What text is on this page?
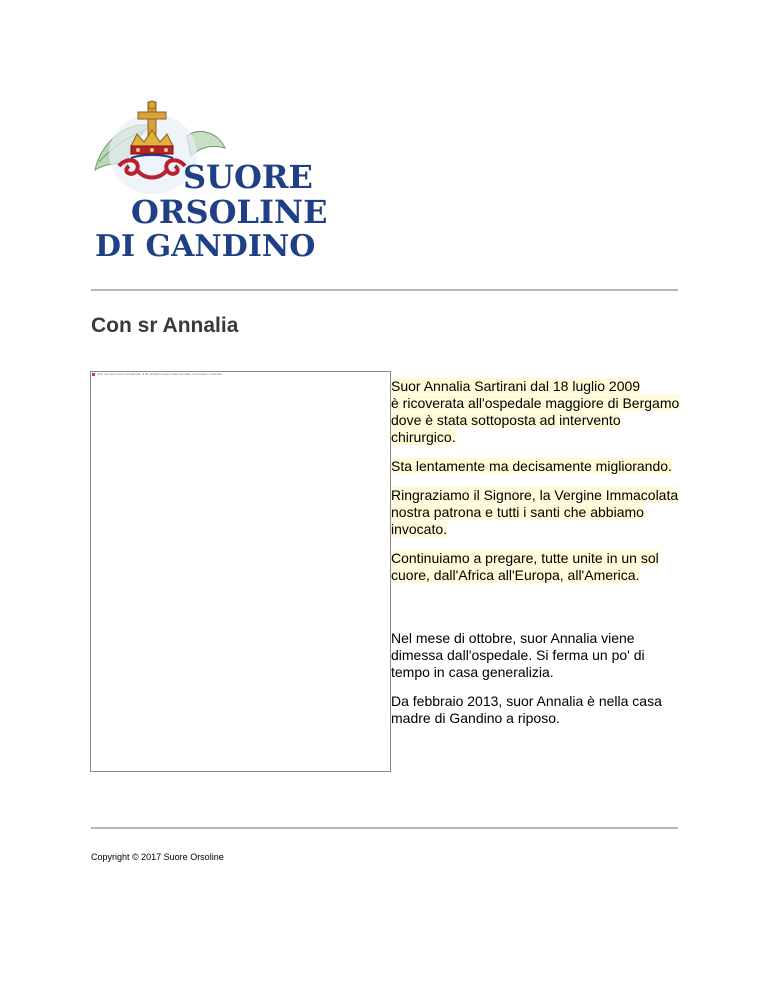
SUORE
ORSOLINE
DI GANDINO
Con sr Annalia
Il file non può essere visualizzato. Il file potrebbe essere stato spostato, rinominato o eliminato.

Suor Annalia Sartirani dal 18 luglio 2009
è ricoverata all'ospedale maggiore di Bergamo
dove è stata sottoposta ad intervento
chirurgico.

Sta lentamente ma decisamente migliorando.

Ringraziamo il Signore, la Vergine Immacolata
nostra patrona e tutti i santi che abbiamo
invocato.

Continuiamo a pregare, tutte unite in un sol
cuore, dall'Africa all'Europa, all'America.

Nel mese di ottobre, suor Annalia viene
dimessa dall'ospedale. Si ferma un po' di
tempo in casa generalizia.

Da febbraio 2013, suor Annalia è nella casa
madre di Gandino a riposo.

Copyright © 2017 Suore Orsoline
